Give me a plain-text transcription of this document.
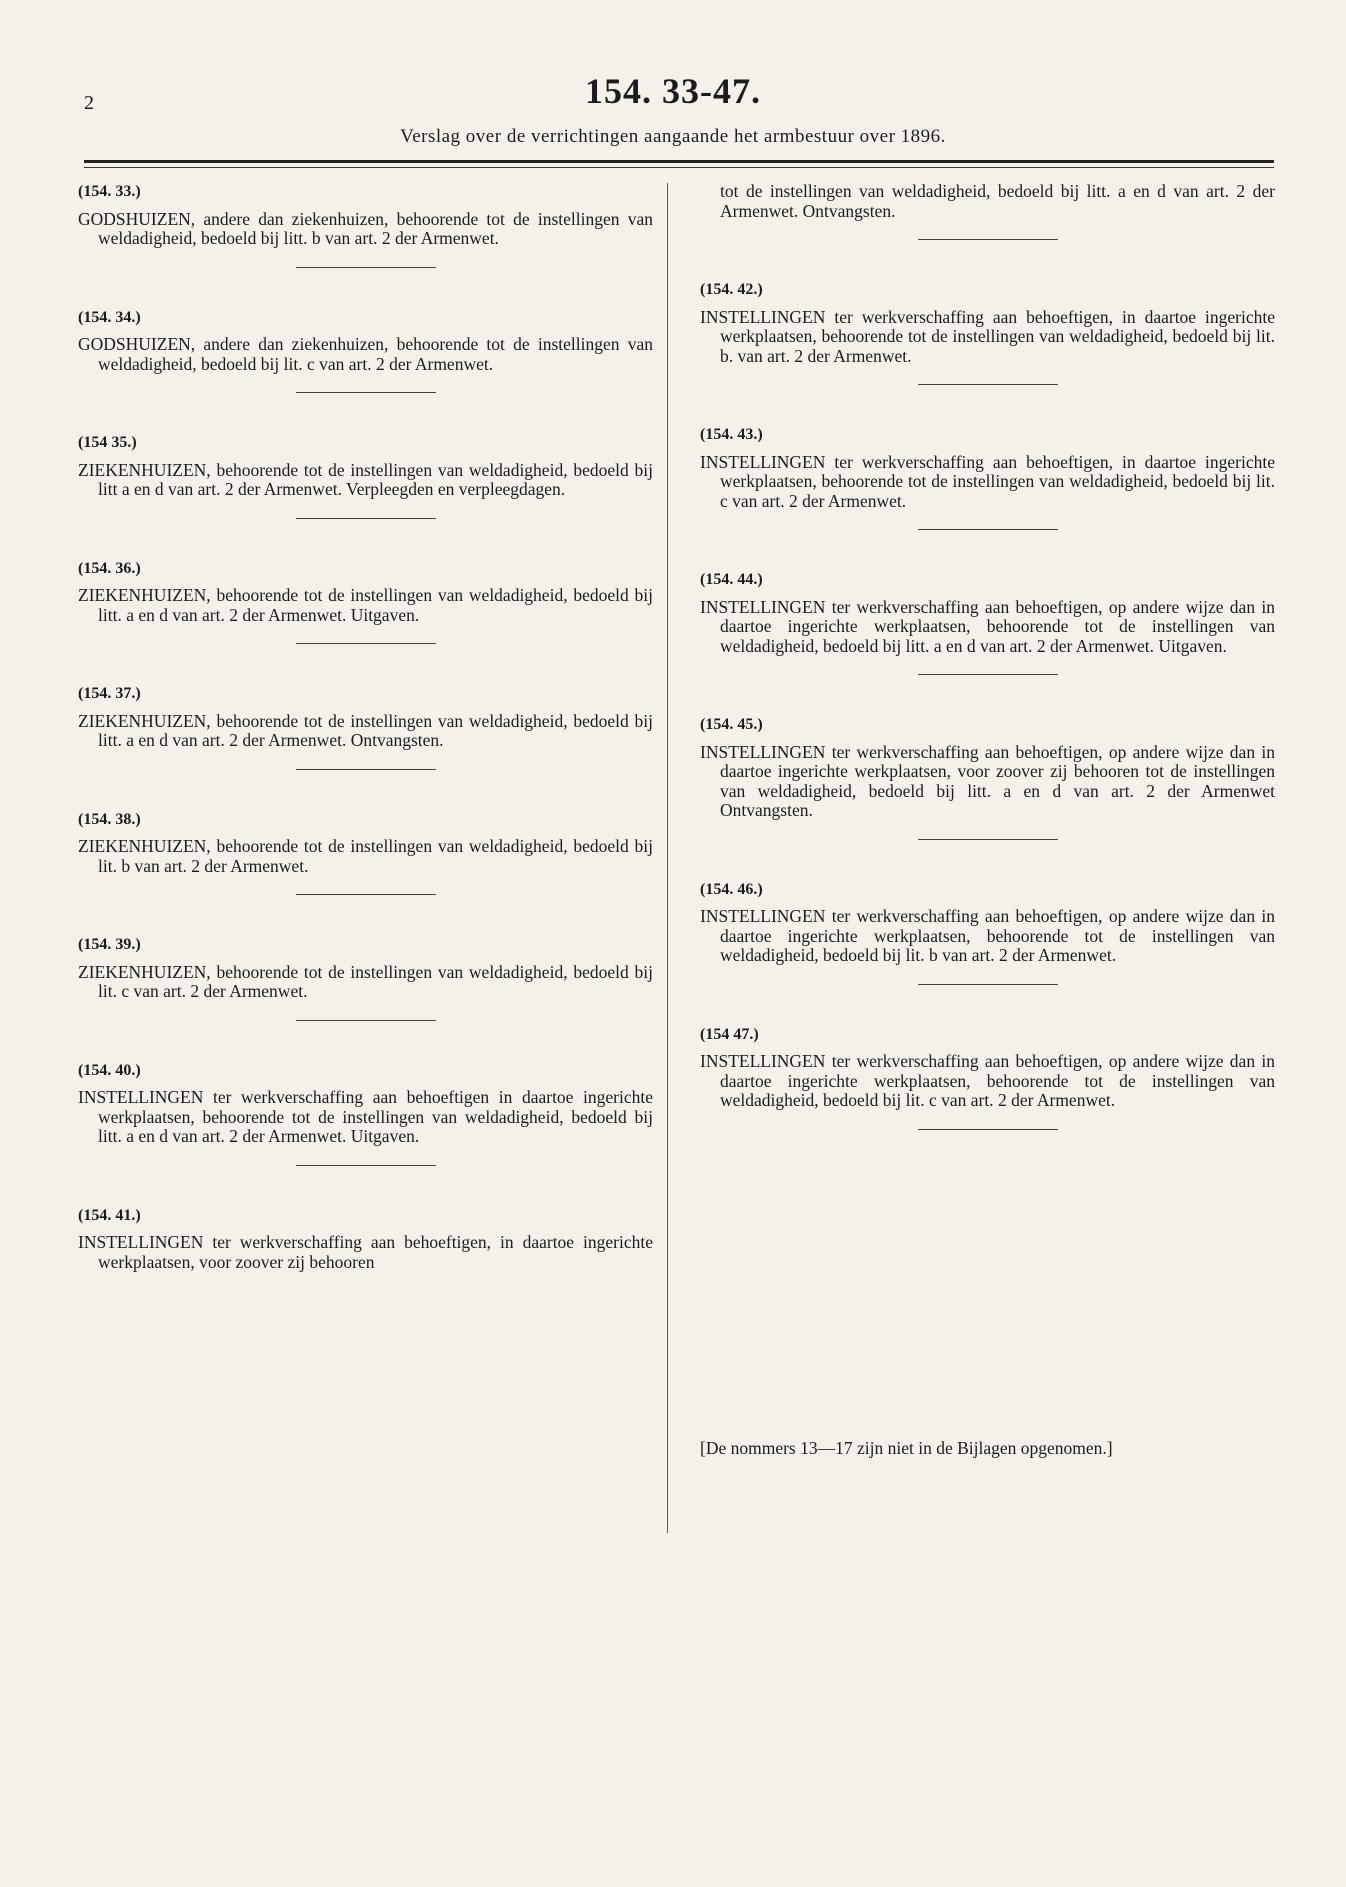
2	154. 33-47.
Verslag over de verrichtingen aangaande het armbestuur over 1896.
(154. 33.)
GODSHUIZEN, andere dan ziekenhuizen, behoorende tot de instellingen van weldadigheid, bedoeld bij litt. b van art. 2 der Armenwet.
(154. 34.)
GODSHUIZEN, andere dan ziekenhuizen, behoorende tot de instellingen van weldadigheid, bedoeld bij lit. c van art. 2 der Armenwet.
(154 35.)
ZIEKENHUIZEN, behoorende tot de instellingen van weldadigheid, bedoeld bij litt a en d van art. 2 der Armenwet. Verpleegden en verpleegdagen.
(154. 36.)
ZIEKENHUIZEN, behoorende tot de instellingen van weldadigheid, bedoeld bij litt. a en d van art. 2 der Armenwet. Uitgaven.
(154. 37.)
ZIEKENHUIZEN, behoorende tot de instellingen van weldadigheid, bedoeld bij litt. a en d van art. 2 der Armenwet. Ontvangsten.
(154. 38.)
ZIEKENHUIZEN, behoorende tot de instellingen van weldadigheid, bedoeld bij lit. b van art. 2 der Armenwet.
(154. 39.)
ZIEKENHUIZEN, behoorende tot de instellingen van weldadigheid, bedoeld bij lit. c van art. 2 der Armenwet.
(154. 40.)
INSTELLINGEN ter werkverschaffing aan behoeftigen in daartoe ingerichte werkplaatsen, behoorende tot de instellingen van weldadigheid, bedoeld bij litt. a en d van art. 2 der Armenwet. Uitgaven.
(154. 41.)
INSTELLINGEN ter werkverschaffing aan behoeftigen, in daartoe ingerichte werkplaatsen, voor zoover zij behooren
tot de instellingen van weldadigheid, bedoeld bij litt. a en d van art. 2 der Armenwet. Ontvangsten.
(154. 42.)
INSTELLINGEN ter werkverschaffing aan behoeftigen, in daartoe ingerichte werkplaatsen, behoorende tot de instellingen van weldadigheid, bedoeld bij lit. b. van art. 2 der Armenwet.
(154. 43.)
INSTELLINGEN ter werkverschaffing aan behoeftigen, in daartoe ingerichte werkplaatsen, behoorende tot de instellingen van weldadigheid, bedoeld bij lit. c van art. 2 der Armenwet.
(154. 44.)
INSTELLINGEN ter werkverschaffing aan behoeftigen, op andere wijze dan in daartoe ingerichte werkplaatsen, behoorende tot de instellingen van weldadigheid, bedoeld bij litt. a en d van art. 2 der Armenwet. Uitgaven.
(154. 45.)
INSTELLINGEN ter werkverschaffing aan behoeftigen, op andere wijze dan in daartoe ingerichte werkplaatsen, voor zoover zij behooren tot de instellingen van weldadigheid, bedoeld bij litt. a en d van art. 2 der Armenwet Ontvangsten.
(154. 46.)
INSTELLINGEN ter werkverschaffing aan behoeftigen, op andere wijze dan in daartoe ingerichte werkplaatsen, behoorende tot de instellingen van weldadigheid, bedoeld bij lit. b van art. 2 der Armenwet.
(154 47.)
INSTELLINGEN ter werkverschaffing aan behoeftigen, op andere wijze dan in daartoe ingerichte werkplaatsen, behoorende tot de instellingen van weldadigheid, bedoeld bij lit. c van art. 2 der Armenwet.
[De nommers 13—17 zijn niet in de Bijlagen opgenomen.]
